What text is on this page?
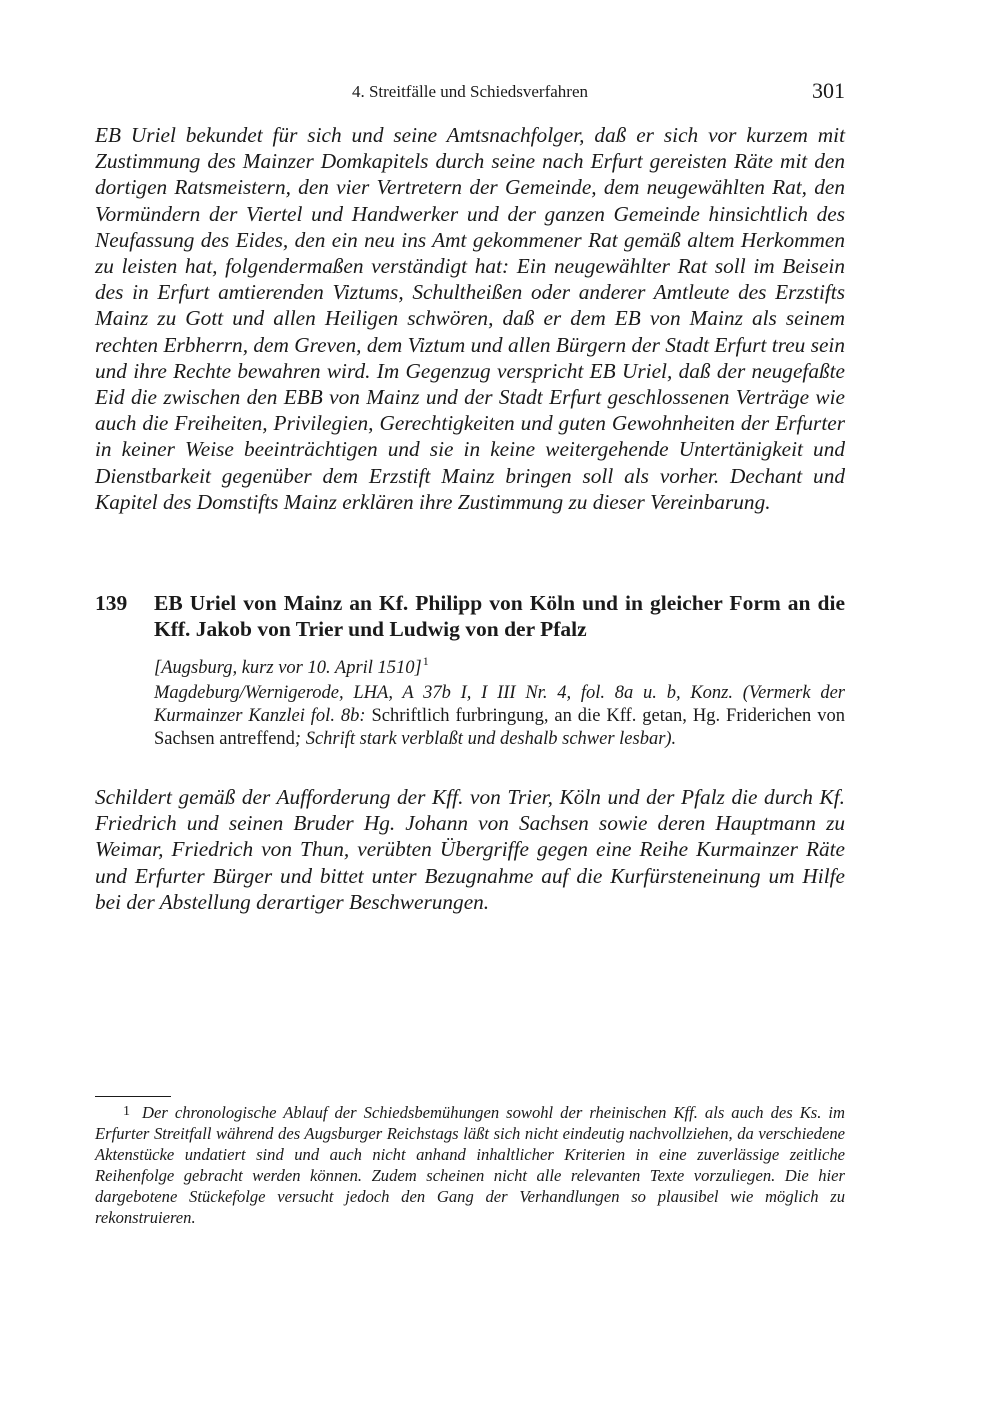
4. Streitfälle und Schiedsverfahren	301

EB Uriel bekundet für sich und seine Amtsnachfolger, daß er sich vor kurzem mit Zustimmung des Mainzer Domkapitels durch seine nach Erfurt gereisten Räte mit den dortigen Ratsmeistern, den vier Vertretern der Gemeinde, dem neugewählten Rat, den Vormündern der Viertel und Handwerker und der ganzen Gemeinde hinsichtlich des Neufassung des Eides, den ein neu ins Amt gekommener Rat gemäß altem Herkommen zu leisten hat, folgendermaßen verständigt hat: Ein neugewählter Rat soll im Beisein des in Erfurt amtierenden Viztums, Schultheißen oder anderer Amtleute des Erzstifts Mainz zu Gott und allen Heiligen schwören, daß er dem EB von Mainz als seinem rechten Erbherrn, dem Greven, dem Viztum und allen Bürgern der Stadt Erfurt treu sein und ihre Rechte bewahren wird. Im Gegenzug verspricht EB Uriel, daß der neugefaßte Eid die zwischen den EBB von Mainz und der Stadt Erfurt geschlossenen Verträge wie auch die Freiheiten, Privilegien, Gerechtigkeiten und guten Gewohnheiten der Erfurter in keiner Weise beeinträchtigen und sie in keine weitergehende Untertänigkeit und Dienstbarkeit gegenüber dem Erzstift Mainz bringen soll als vorher. Dechant und Kapitel des Domstifts Mainz erklären ihre Zustimmung zu dieser Vereinbarung.

139 EB Uriel von Mainz an Kf. Philipp von Köln und in gleicher Form an die Kff. Jakob von Trier und Ludwig von der Pfalz
[Augsburg, kurz vor 10. April 1510]$^1$

Magdeburg/Wernigerode, LHA, A 37b I, I III Nr. 4, fol. 8a u. b, Konz. (Vermerk der Kurmainzer Kanzlei fol. 8b: Schriftlich furbringung, an die Kff. getan, Hg. Friderichen von Sachsen antreffend; Schrift stark verblaßt und deshalb schwer lesbar).

Schildert gemäß der Aufforderung der Kff. von Trier, Köln und der Pfalz die durch Kf. Friedrich und seinen Bruder Hg. Johann von Sachsen sowie deren Hauptmann zu Weimar, Friedrich von Thun, verübten Übergriffe gegen eine Reihe Kurmainzer Räte und Erfurter Bürger und bittet unter Bezugnahme auf die Kurfürsteneinung um Hilfe bei der Abstellung derartiger Beschwerungen.

1 Der chronologische Ablauf der Schiedsbemühungen sowohl der rheinischen Kff. als auch des Ks. im Erfurter Streitfall während des Augsburger Reichstags läßt sich nicht eindeutig nachvollziehen, da verschiedene Aktenstücke undatiert sind und auch nicht anhand inhaltlicher Kriterien in eine zuverlässige zeitliche Reihenfolge gebracht werden können. Zudem scheinen nicht alle relevanten Texte vorzuliegen. Die hier dargebotene Stückefolge versucht jedoch den Gang der Verhandlungen so plausibel wie möglich zu rekonstruieren.
